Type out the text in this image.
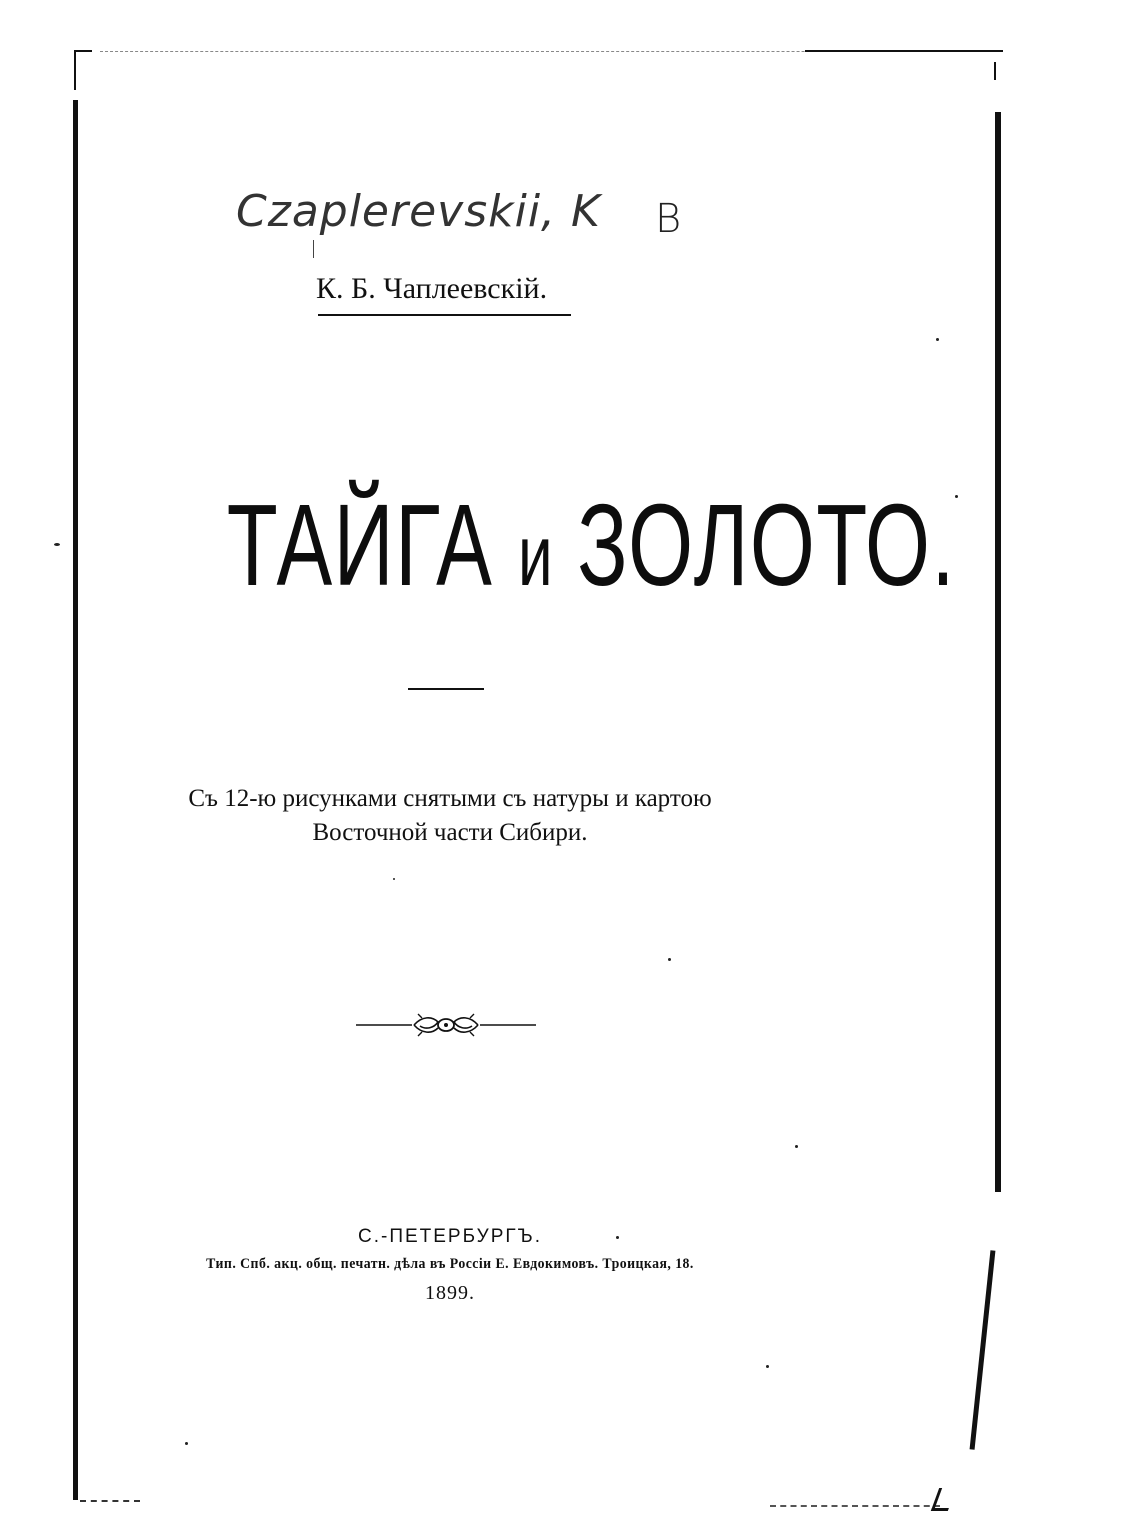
Czaplerevskii, K B
К. Б. Чаплеевскій.
ТАЙГА и ЗОЛОТО.
Съ 12-ю рисунками снятыми съ натуры и картою
Восточной части Сибири.
С.-ПЕТЕРБУРГЪ.
Тип. Спб. акц. общ. печатн. дѣла въ Россіи Е. Евдокимовъ. Троицкая, 18.
1899.
